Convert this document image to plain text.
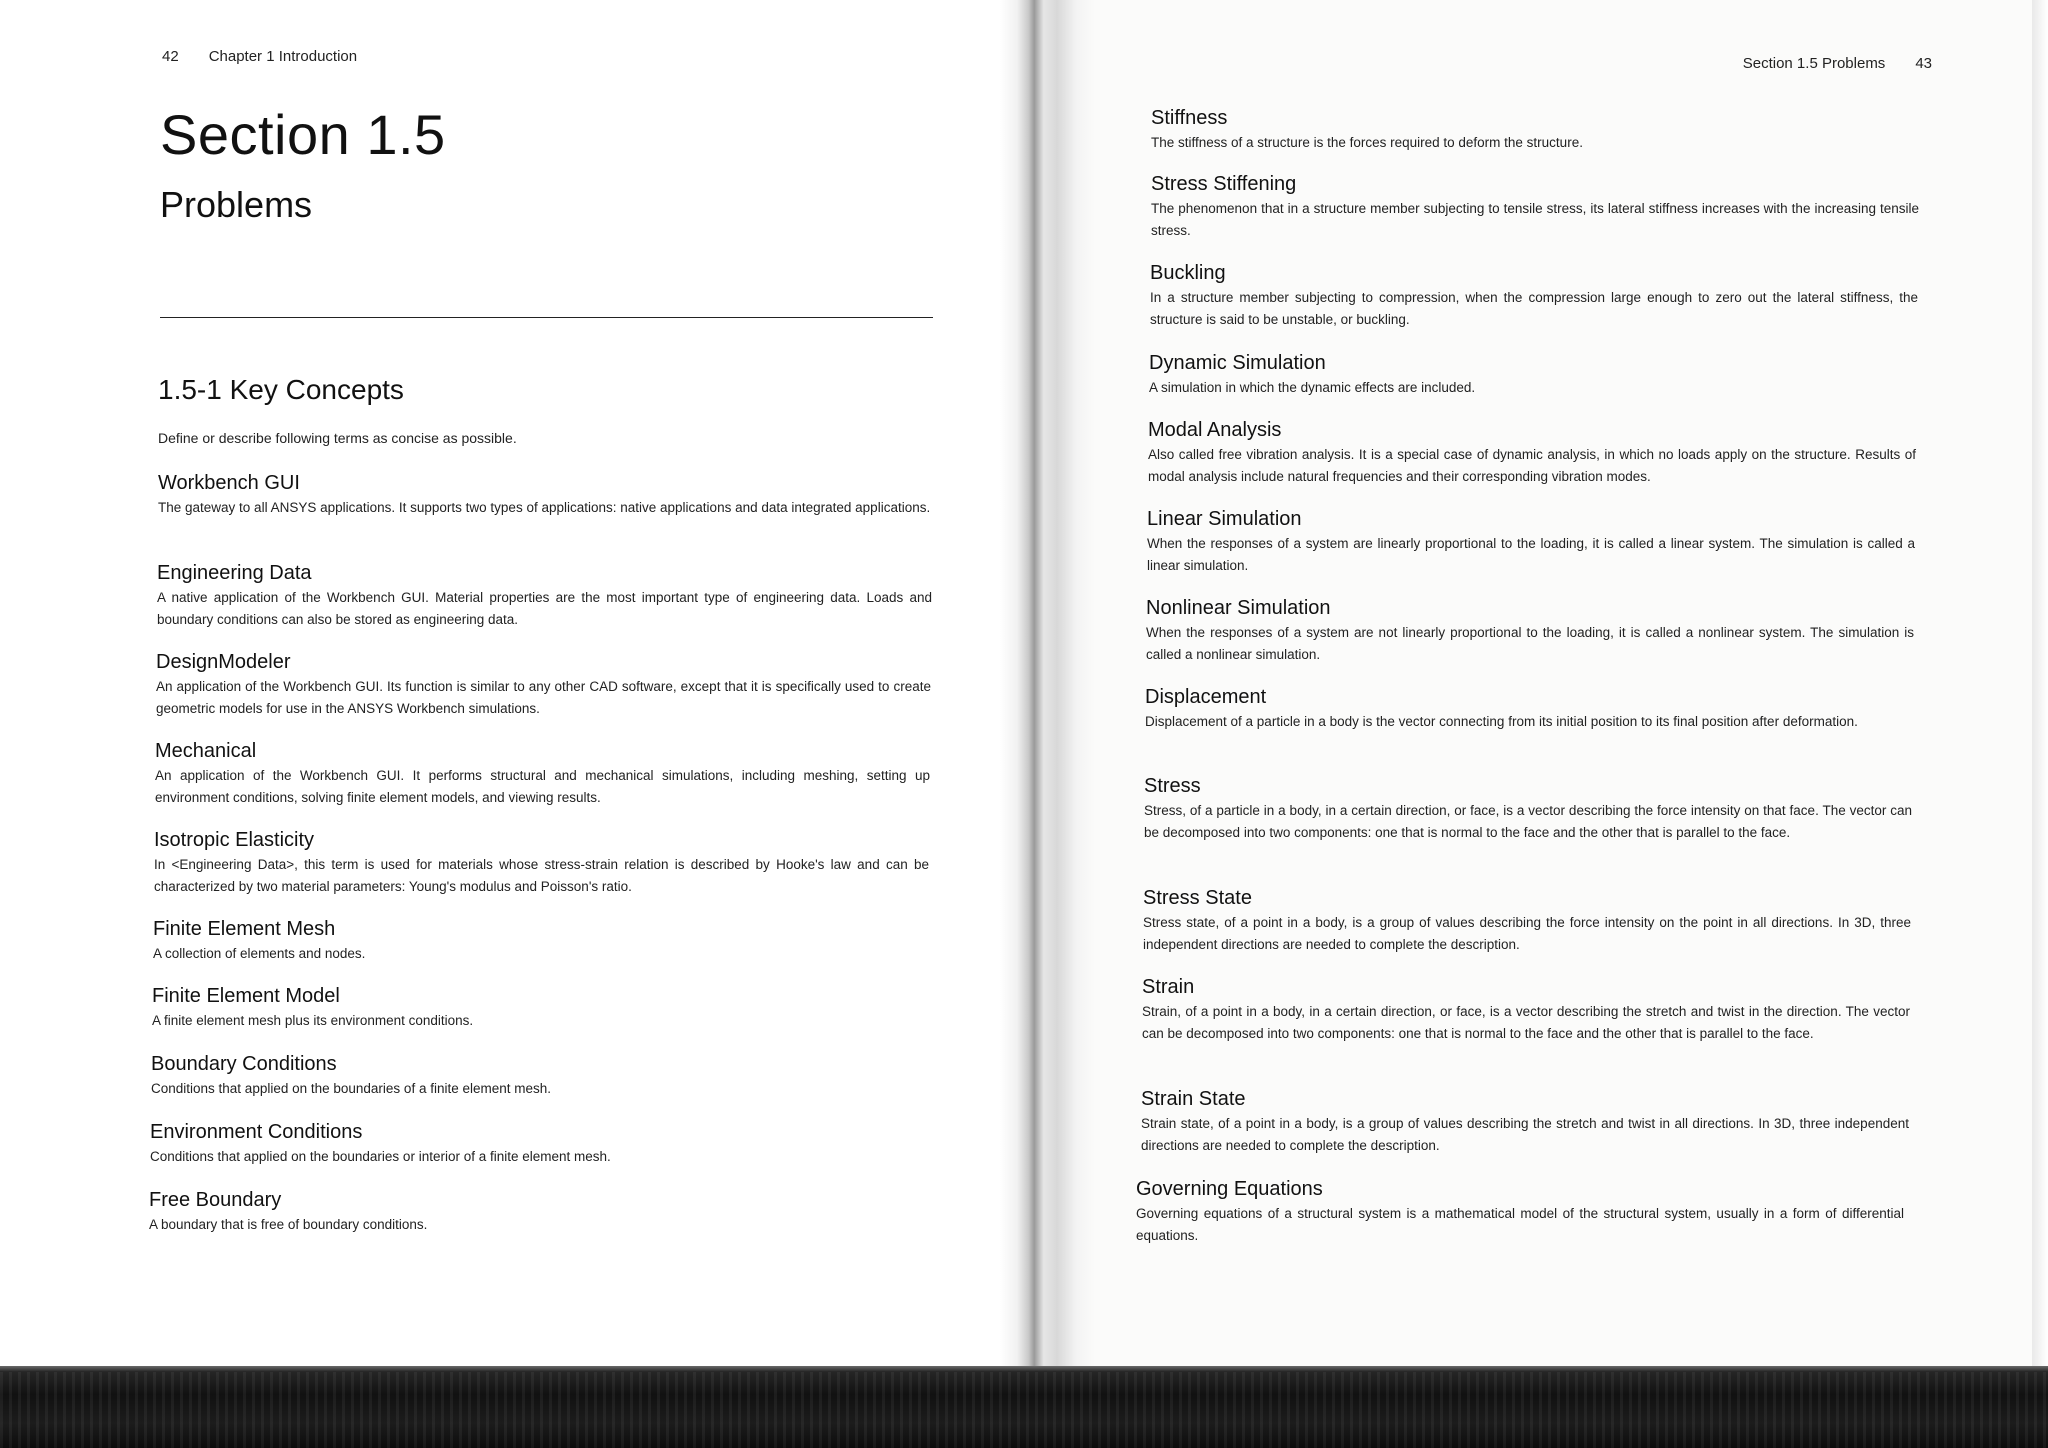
42 Chapter 1 Introduction
Section 1.5
Problems
1.5-1 Key Concepts
Define or describe following terms as concise as possible.
Workbench GUI
The gateway to all ANSYS applications. It supports two types of applications: native applications and data integrated applications.
Engineering Data
A native application of the Workbench GUI. Material properties are the most important type of engineering data. Loads and boundary conditions can also be stored as engineering data.
DesignModeler
An application of the Workbench GUI. Its function is similar to any other CAD software, except that it is specifically used to create geometric models for use in the ANSYS Workbench simulations.
Mechanical
An application of the Workbench GUI. It performs structural and mechanical simulations, including meshing, setting up environment conditions, solving finite element models, and viewing results.
Isotropic Elasticity
In <Engineering Data>, this term is used for materials whose stress-strain relation is described by Hooke's law and can be characterized by two material parameters: Young's modulus and Poisson's ratio.
Finite Element Mesh
A collection of elements and nodes.
Finite Element Model
A finite element mesh plus its environment conditions.
Boundary Conditions
Conditions that applied on the boundaries of a finite element mesh.
Environment Conditions
Conditions that applied on the boundaries or interior of a finite element mesh.
Free Boundary
A boundary that is free of boundary conditions.
Section 1.5 Problems 43
Stiffness
The stiffness of a structure is the forces required to deform the structure.
Stress Stiffening
The phenomenon that in a structure member subjecting to tensile stress, its lateral stiffness increases with the increasing tensile stress.
Buckling
In a structure member subjecting to compression, when the compression large enough to zero out the lateral stiffness, the structure is said to be unstable, or buckling.
Dynamic Simulation
A simulation in which the dynamic effects are included.
Modal Analysis
Also called free vibration analysis. It is a special case of dynamic analysis, in which no loads apply on the structure. Results of modal analysis include natural frequencies and their corresponding vibration modes.
Linear Simulation
When the responses of a system are linearly proportional to the loading, it is called a linear system. The simulation is called a linear simulation.
Nonlinear Simulation
When the responses of a system are not linearly proportional to the loading, it is called a nonlinear system. The simulation is called a nonlinear simulation.
Displacement
Displacement of a particle in a body is the vector connecting from its initial position to its final position after deformation.
Stress
Stress, of a particle in a body, in a certain direction, or face, is a vector describing the force intensity on that face. The vector can be decomposed into two components: one that is normal to the face and the other that is parallel to the face.
Stress State
Stress state, of a point in a body, is a group of values describing the force intensity on the point in all directions. In 3D, three independent directions are needed to complete the description.
Strain
Strain, of a point in a body, in a certain direction, or face, is a vector describing the stretch and twist in the direction. The vector can be decomposed into two components: one that is normal to the face and the other that is parallel to the face.
Strain State
Strain state, of a point in a body, is a group of values describing the stretch and twist in all directions. In 3D, three independent directions are needed to complete the description.
Governing Equations
Governing equations of a structural system is a mathematical model of the structural system, usually in a form of differential equations.
